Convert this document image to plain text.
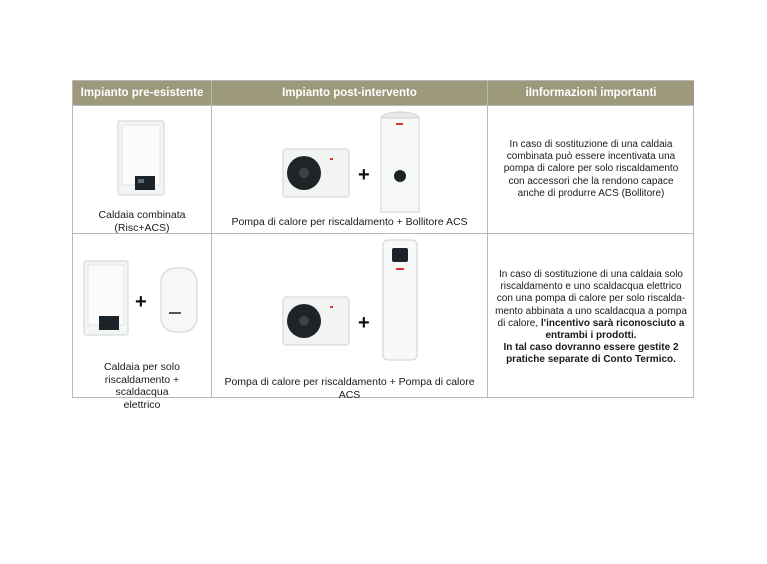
Impianto pre-esistente	Impianto post-intervento	iInformazioni importanti
Caldaia combinata
(Risc+ACS)
+
Pompa di calore per riscaldamento + Bollitore ACS
In caso di sostituzione di una caldaia combinata può essere incentivata una pompa di calore per solo riscaldamento con accessori che la rendono capace anche di produrre ACS (Bollitore)
+
Caldaia per solo
riscaldamento + scaldacqua
elettrico
+
Pompa di calore per riscaldamento + Pompa di calore ACS
In caso di sostituzione di una caldaia solo riscaldamento e uno scaldacqua elettrico con una pompa di calore per solo riscalda-mento abbinata a uno scaldacqua a pompa di calore, l'incentivo sarà riconosciuto a entrambi i prodotti.
In tal caso dovranno essere gestite 2 pratiche separate di Conto Termico.
